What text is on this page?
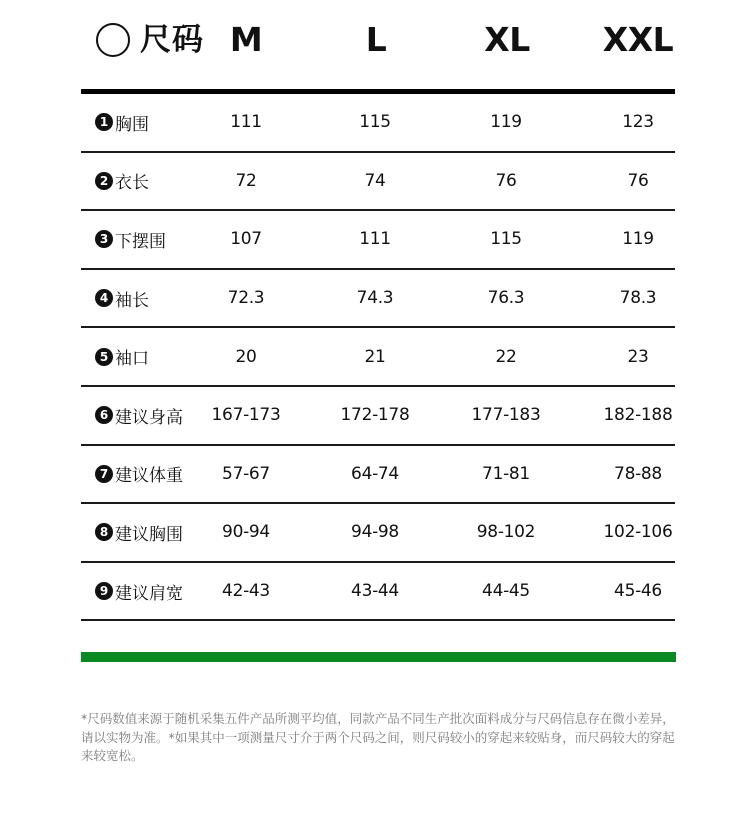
尺码 M	L	XL	XXL
1 胸围	111	115	119	123
2 衣长	72	74	76	76
3 下摆围	107	111	115	119
4 袖长	72.3	74.3	76.3	78.3
5 袖口	20	21	22	23
6 建议身高	167-173	172-178	177-183	182-188
7 建议体重	57-67	64-74	71-81	78-88
8 建议胸围	90-94	94-98	98-102	102-106
9 建议肩宽	42-43	43-44	44-45	45-46
*尺码数值来源于随机采集五件产品所测平均值，同款产品不同生产批次面料成分与尺码信息存在微小差异，请以实物为准。*如果其中一项测量尺寸介于两个尺码之间，则尺码较小的穿起来较贴身，而尺码较大的穿起来较宽松。
